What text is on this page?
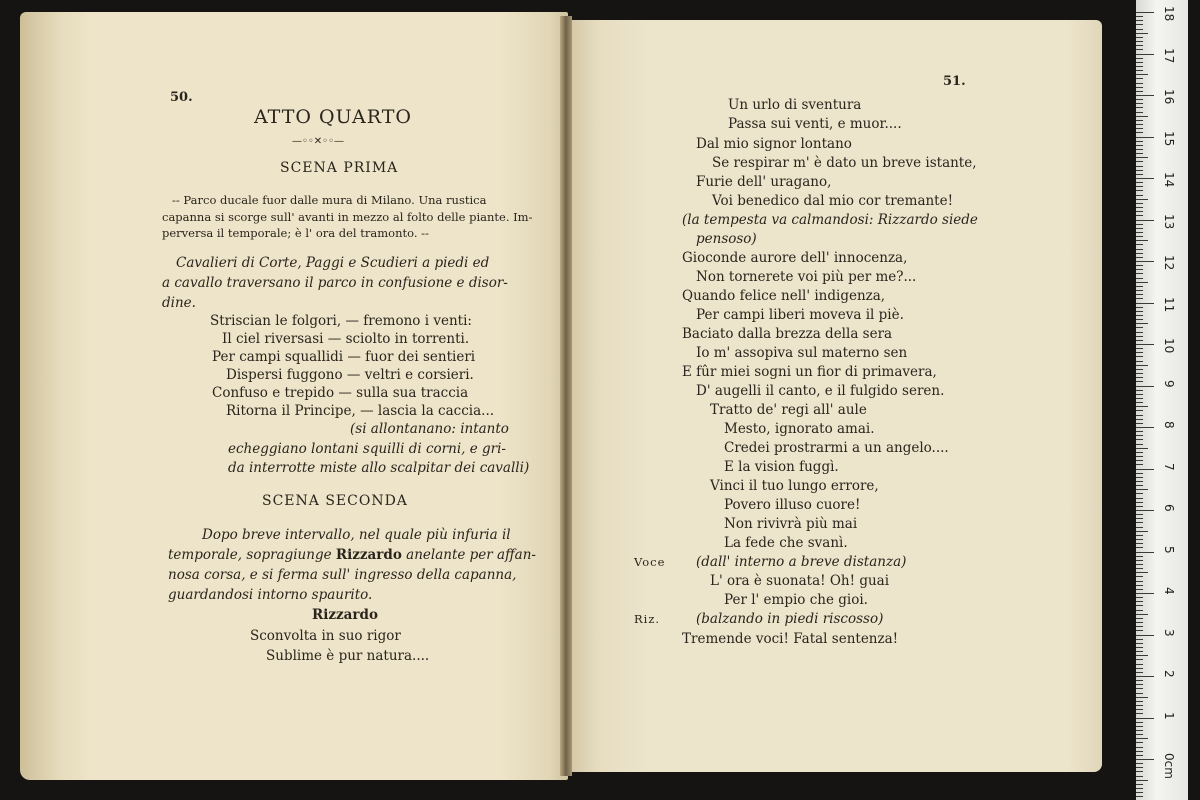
50.
ATTO QUARTO
—◦◦✕◦◦—
SCENA PRIMA
-- Parco ducale fuor dalle mura di Milano. Una rustica
capanna si scorge sull' avanti in mezzo al folto delle piante. Im-
perversa il temporale; è l' ora del tramonto. --
Cavalieri di Corte, Paggi e Scudieri a piedi ed
a cavallo traversano il parco in confusione e disor-
dine.
Striscian le folgori, — fremono i venti:
Il ciel riversasi — sciolto in torrenti.
Per campi squallidi — fuor dei sentieri
Dispersi fuggono — veltri e corsieri.
Confuso e trepido — sulla sua traccia
Ritorna il Principe, — lascia la caccia...
(si allontanano: intanto
echeggiano lontani squilli di corni, e gri-
da interrotte miste allo scalpitar dei cavalli)
SCENA SECONDA
Dopo breve intervallo, nel quale più infuria il
temporale, sopragiunge Rizzardo anelante per affan-
nosa corsa, e si ferma sull' ingresso della capanna,
guardandosi intorno spaurito.
Rizzardo
Sconvolta in suo rigor
Sublime è pur natura....
51.
Un urlo di sventura
Passa sui venti, e muor....
Dal mio signor lontano
Se respirar m' è dato un breve istante,
Furie dell' uragano,
Voi benedico dal mio cor tremante!
(la tempesta va calmandosi: Rizzardo siede
pensoso)
Gioconde aurore dell' innocenza,
Non tornerete voi più per me?...
Quando felice nell' indigenza,
Per campi liberi moveva il piè.
Baciato dalla brezza della sera
Io m' assopiva sul materno sen
E fûr miei sogni un fior di primavera,
D' augelli il canto, e il fulgido seren.
Tratto de' regi all' aule
Mesto, ignorato amai.
Credei prostrarmi a un angelo....
E la vision fuggì.
Vinci il tuo lungo errore,
Povero illuso cuore!
Non rivivrà più mai
La fede che svanì.
Voce (dall' interno a breve distanza)
L' ora è suonata! Oh! guai
Per l' empio che gioi.
Riz.	(balzando in piedi riscosso)
Tremende voci! Fatal sentenza!
18
17
16
15
14
13
12
11
10
9
8
7
6
5
4
3
2
1
0cm
